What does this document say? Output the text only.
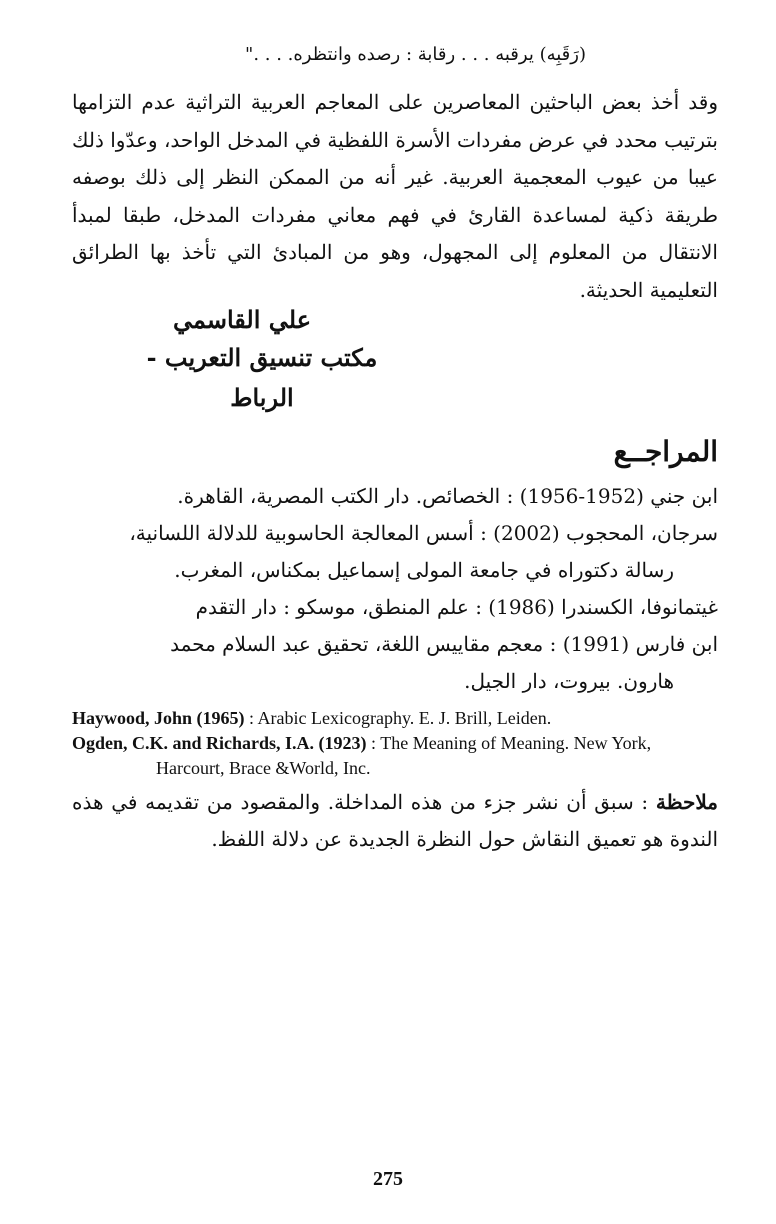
(رَقَبِه) يرقبه . . . رقابة : رصده وانتظره. . . ."
وقد أخذ بعض الباحثين المعاصرين على المعاجم العربية التراثية عدم التزامها بترتيب محدد في عرض مفردات الأسرة اللفظية في المدخل الواحد، وعدّوا ذلك عيبا من عيوب المعجمية العربية. غير أنه من الممكن النظر إلى ذلك بوصفه طريقة ذكية لمساعدة القارئ في فهم معاني مفردات المدخل، طبقا لمبدأ الانتقال من المعلوم إلى المجهول، وهو من المبادئ التي تأخذ بها الطرائق التعليمية الحديثة.
علي القاسمي
مكتب تنسيق التعريب - الرباط
المراجــع
ابن جني (1952-1956) : الخصائص. دار الكتب المصرية، القاهرة.
سرجان، المحجوب (2002) : أسس المعالجة الحاسوبية للدلالة اللسانية،
رسالة دكتوراه في جامعة المولى إسماعيل بمكناس، المغرب.
غيتمانوفا، الكسندرا (1986) : علم المنطق، موسكو : دار التقدم
ابن فارس (1991) : معجم مقاييس اللغة، تحقيق عبد السلام محمد
هارون. بيروت، دار الجيل.
Haywood, John (1965) : Arabic Lexicography. E. J. Brill, Leiden.
Ogden, C.K. and Richards, I.A. (1923) : The Meaning of Meaning. New York,
Harcourt, Brace &World, Inc.
ملاحظة : سبق أن نشر جزء من هذه المداخلة. والمقصود من تقديمه في هذه الندوة هو تعميق النقاش حول النظرة الجديدة عن دلالة اللفظ.
275
